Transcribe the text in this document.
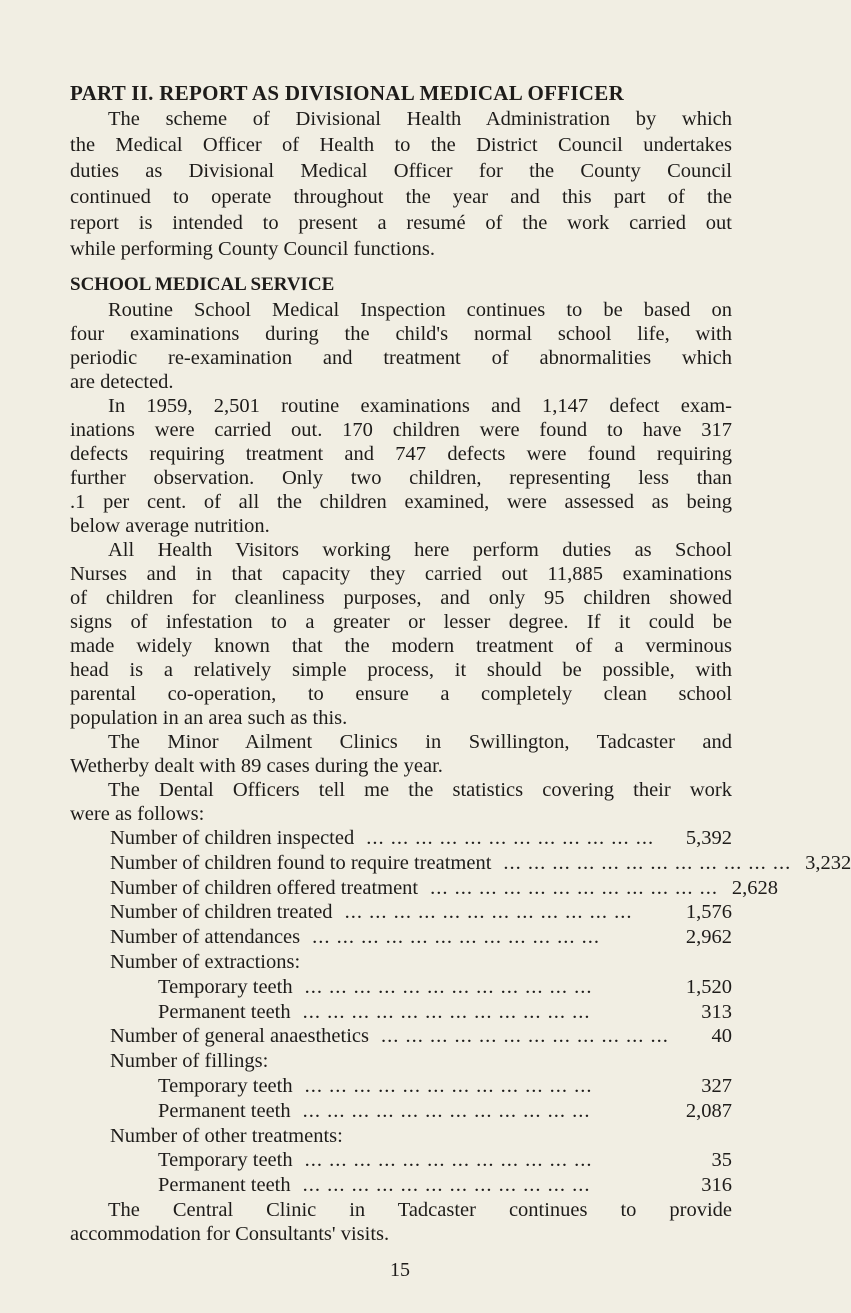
PART II. REPORT AS DIVISIONAL MEDICAL OFFICER
The scheme of Divisional Health Administration by which
the Medical Officer of Health to the District Council undertakes
duties as Divisional Medical Officer for the County Council
continued to operate throughout the year and this part of the
report is intended to present a resumé of the work carried out
while performing County Council functions.
SCHOOL MEDICAL SERVICE
Routine School Medical Inspection continues to be based on
four examinations during the child's normal school life, with
periodic re-examination and treatment of abnormalities which
are detected.
In 1959, 2,501 routine examinations and 1,147 defect exam-
inations were carried out. 170 children were found to have 317
defects requiring treatment and 747 defects were found requiring
further observation. Only two children, representing less than
.1 per cent. of all the children examined, were assessed as being
below average nutrition.
All Health Visitors working here perform duties as School
Nurses and in that capacity they carried out 11,885 examinations
of children for cleanliness purposes, and only 95 children showed
signs of infestation to a greater or lesser degree. If it could be
made widely known that the modern treatment of a verminous
head is a relatively simple process, it should be possible, with
parental co-operation, to ensure a completely clean school
population in an area such as this.
The Minor Ailment Clinics in Swillington, Tadcaster and
Wetherby dealt with 89 cases during the year.
The Dental Officers tell me the statistics covering their work
were as follows:
Number of children inspected ... ... ... ... ... ... ... ... ... ... ... ...	5,392
Number of children found to require treatment ... ... ... ... ... ... ... ... ... ... ... ... 3,232
Number of children offered treatment ... ... ... ... ... ... ... ... ... ... ... ... 2,628
Number of children treated ... ... ... ... ... ... ... ... ... ... ... ...	1,576
Number of attendances ... ... ... ... ... ... ... ... ... ... ... ...	2,962
Number of extractions:
Temporary teeth ... ... ... ... ... ... ... ... ... ... ... ...	1,520
Permanent teeth ... ... ... ... ... ... ... ... ... ... ... ...	313
Number of general anaesthetics ... ... ... ... ... ... ... ... ... ... ... ...	40
Number of fillings:
Temporary teeth ... ... ... ... ... ... ... ... ... ... ... ...	327
Permanent teeth ... ... ... ... ... ... ... ... ... ... ... ...	2,087
Number of other treatments:
Temporary teeth ... ... ... ... ... ... ... ... ... ... ... ...	35
Permanent teeth ... ... ... ... ... ... ... ... ... ... ... ...	316
The Central Clinic in Tadcaster continues to provide
accommodation for Consultants' visits.
15
